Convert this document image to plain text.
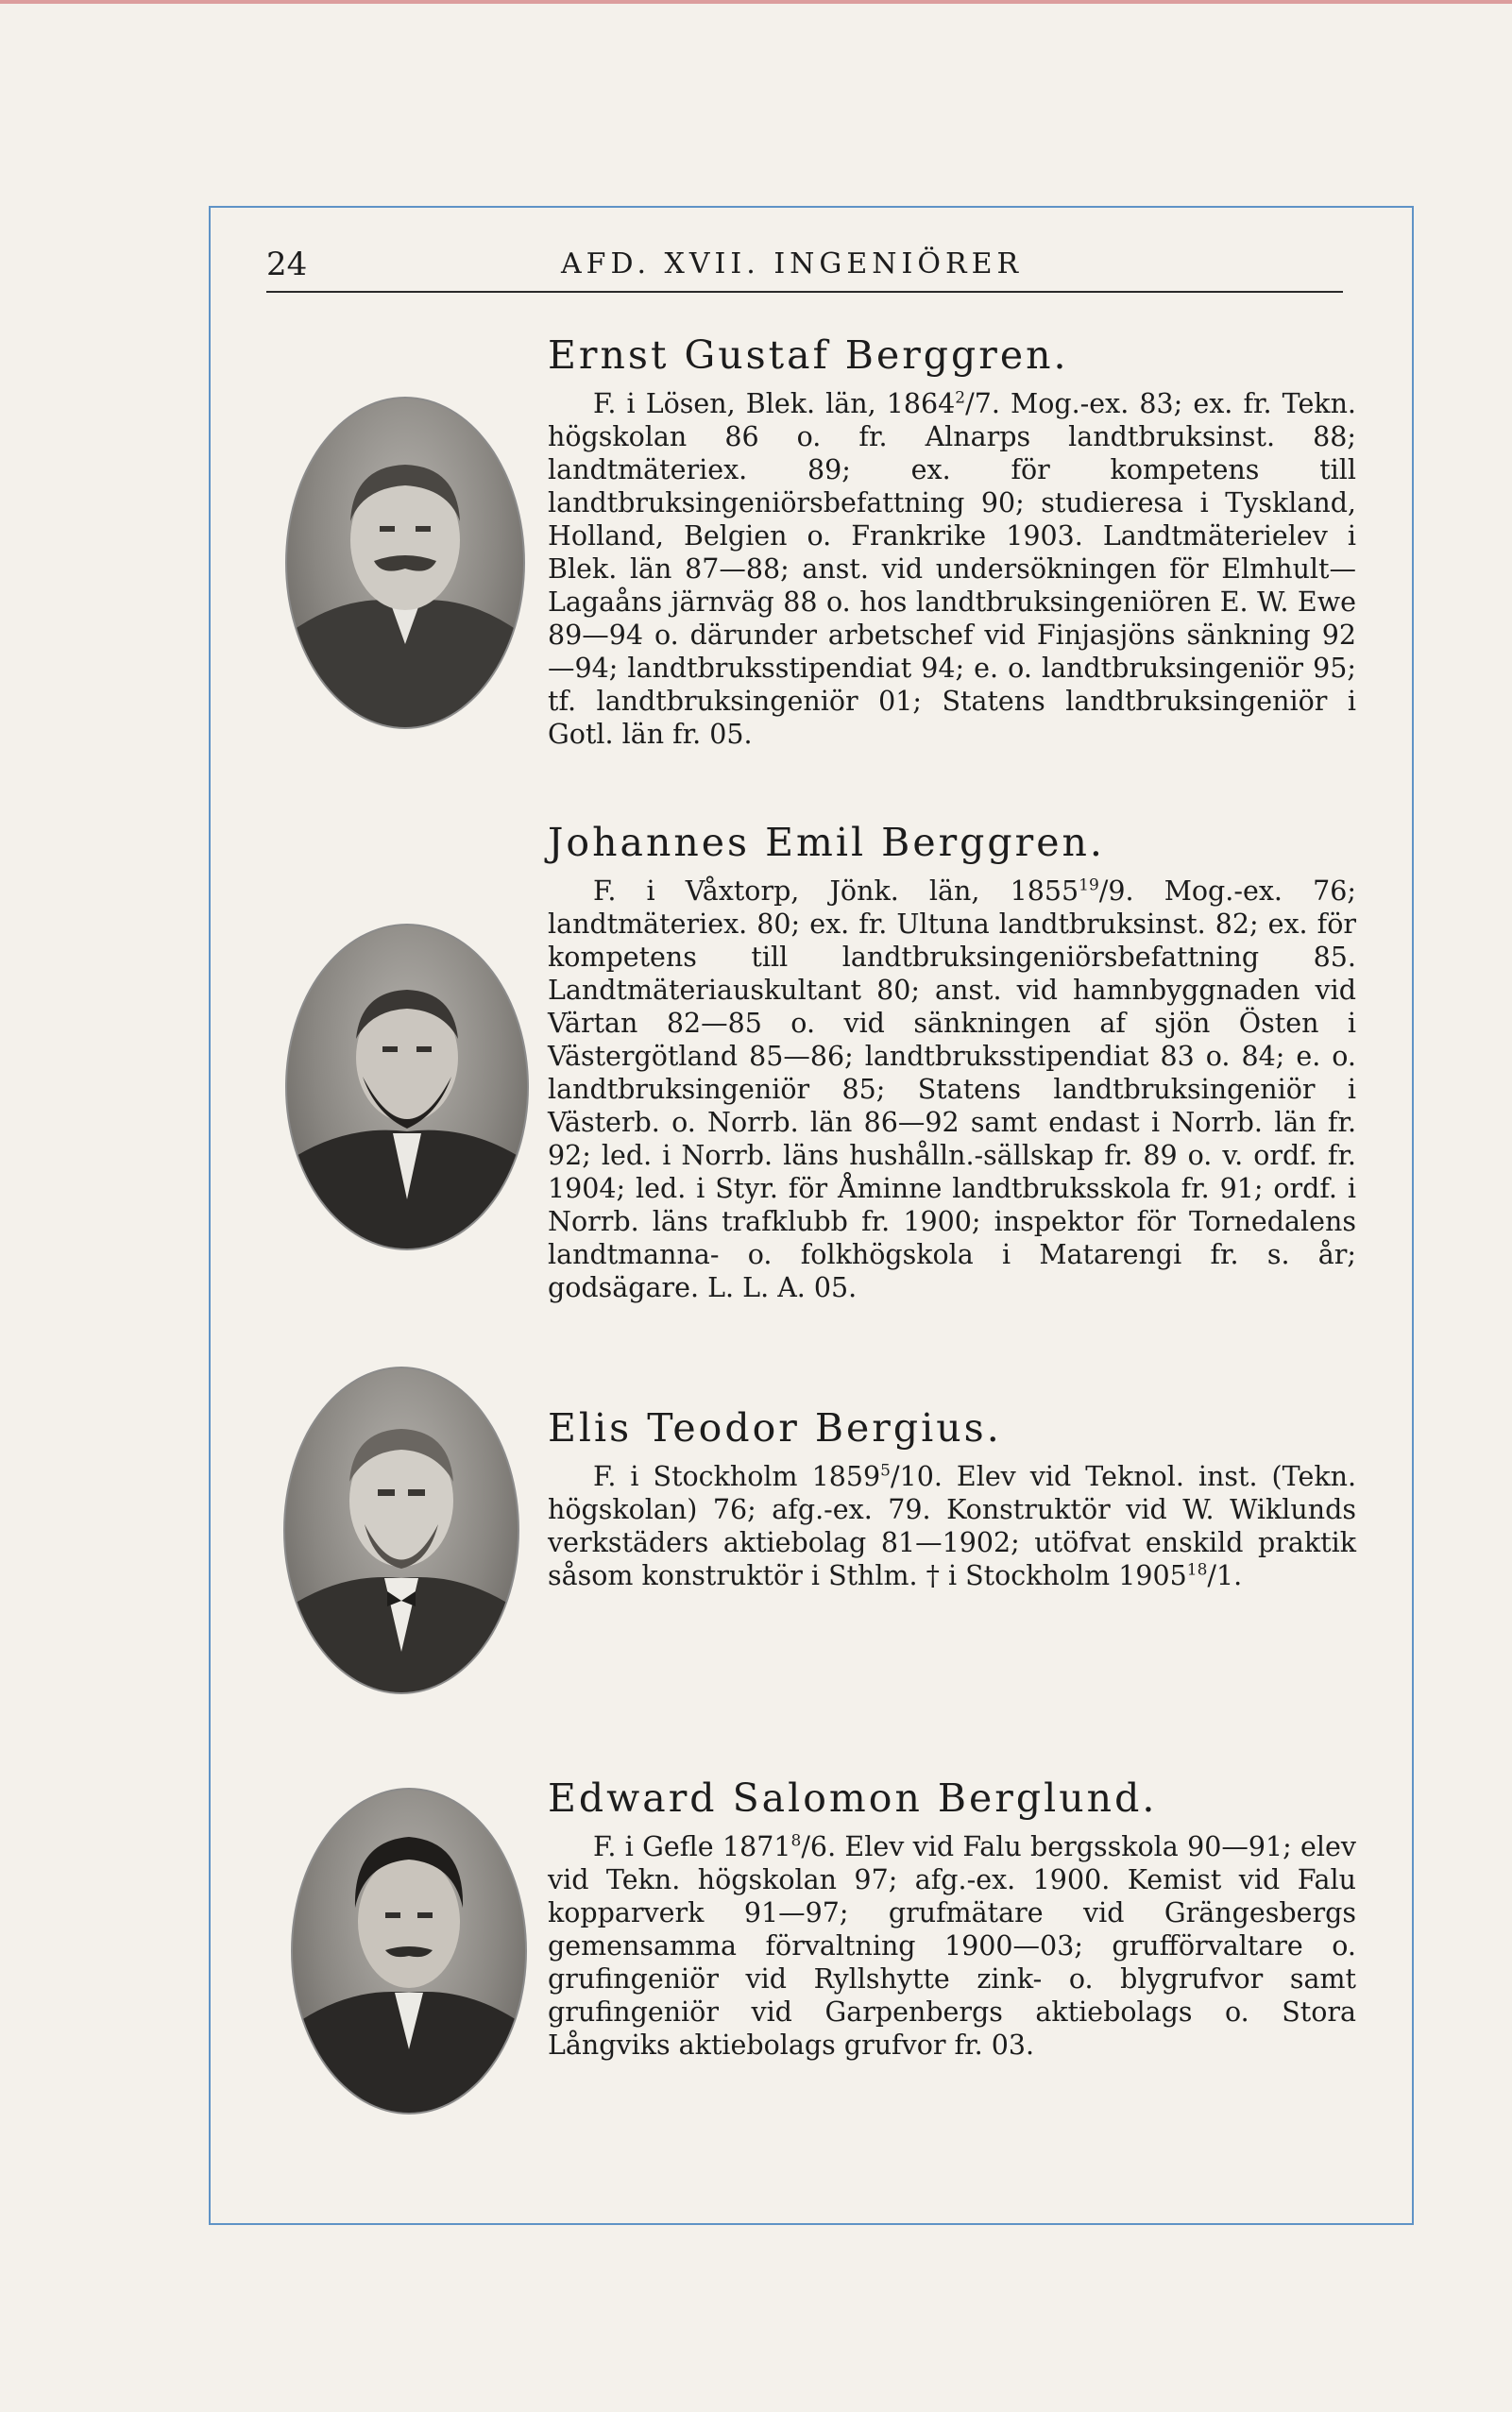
24	AFD. XVII. INGENIÖRER
Ernst Gustaf Berggren.

F. i Lösen, Blek. län, 1864$^2$/7. Mog.-ex. 83; ex. fr. Tekn. högskolan 86 o. fr. Alnarps landtbruksinst. 88; landtmäteriex. 89; ex. för kompetens till landtbruksingeniörsbefattning 90; studieresa i Tyskland, Holland, Belgien o. Frankrike 1903. Landtmäterielev i Blek. län 87—88; anst. vid undersökningen för Elmhult—Lagaåns järnväg 88 o. hos landtbruksingeniören E. W. Ewe 89—94 o. därunder arbetschef vid Finjasjöns sänkning 92—94; landtbruksstipendiat 94; e. o. landtbruksingeniör 95; tf. landtbruksingeniör 01; Statens landtbruksingeniör i Gotl. län fr. 05.

Johannes Emil Berggren.

F. i Våxtorp, Jönk. län, 1855$^{19}$/9. Mog.-ex. 76; landtmäteriex. 80; ex. fr. Ultuna landtbruksinst. 82; ex. för kompetens till landtbruksingeniörsbefattning 85. Landtmäteriauskultant 80; anst. vid hamnbyggnaden vid Värtan 82—85 o. vid sänkningen af sjön Östen i Västergötland 85—86; landtbruksstipendiat 83 o. 84; e. o. landtbruksingeniör 85; Statens landtbruksingeniör i Västerb. o. Norrb. län 86—92 samt endast i Norrb. län fr. 92; led. i Norrb. läns hushålln.-sällskap fr. 89 o. v. ordf. fr. 1904; led. i Styr. för Åminne landtbruksskola fr. 91; ordf. i Norrb. läns trafklubb fr. 1900; inspektor för Tornedalens landtmanna- o. folkhögskola i Matarengi fr. s. år; godsägare. L. L. A. 05.

Elis Teodor Bergius.

F. i Stockholm 1859$^5$/10. Elev vid Teknol. inst. (Tekn. högskolan) 76; afg.-ex. 79. Konstruktör vid W. Wiklunds verkstäders aktiebolag 81—1902; utöfvat enskild praktik såsom konstruktör i Sthlm. † i Stockholm 1905$^{18}$/1.

Edward Salomon Berglund.

F. i Gefle 1871$^8$/6. Elev vid Falu bergsskola 90—91; elev vid Tekn. högskolan 97; afg.-ex. 1900. Kemist vid Falu kopparverk 91—97; grufmätare vid Grängesbergs gemensamma förvaltning 1900—03; grufförvaltare o. grufingeniör vid Ryllshytte zink- o. blygrufvor samt grufingeniör vid Garpenbergs aktiebolags o. Stora Långviks aktiebolags grufvor fr. 03.
